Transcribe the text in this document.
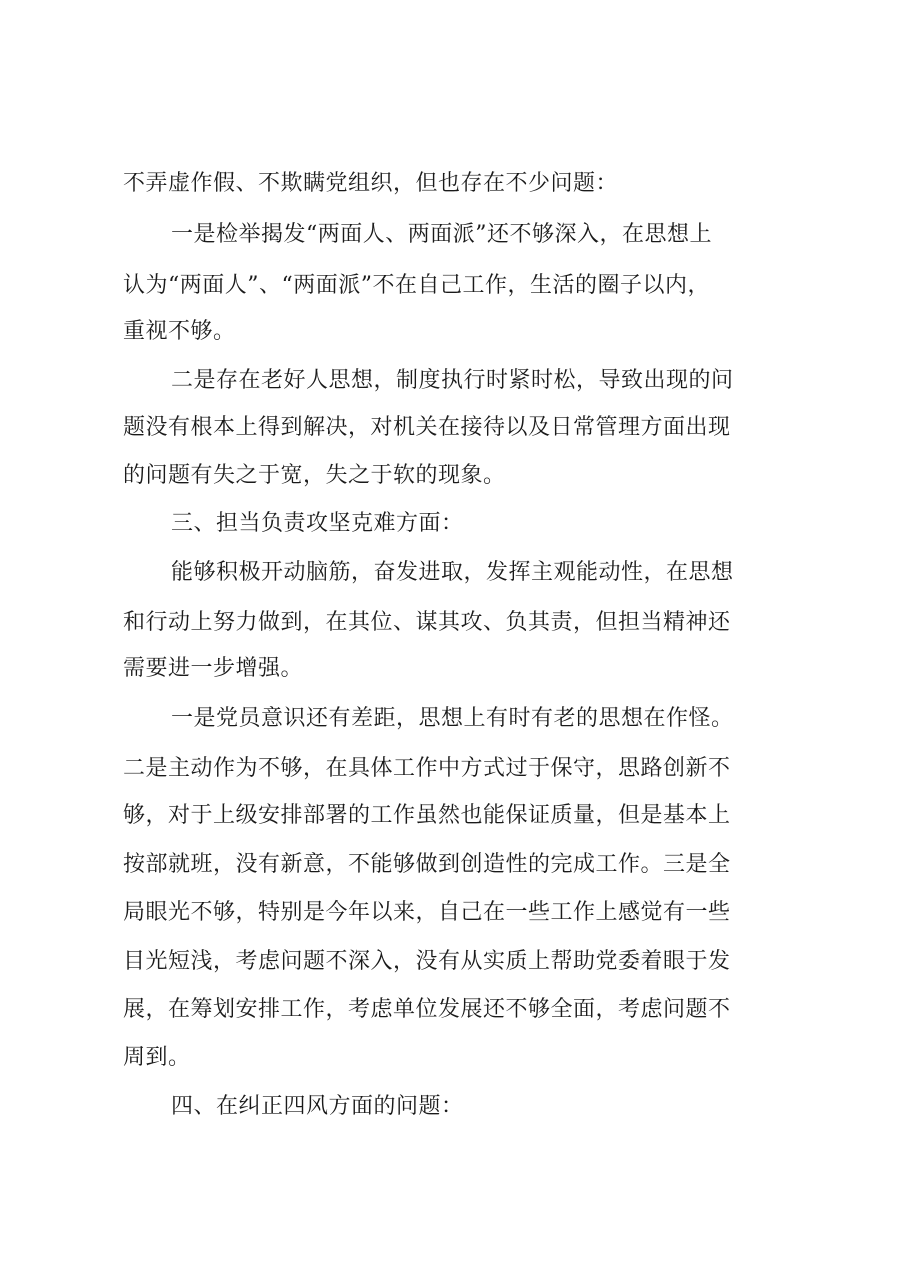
不弄虚作假、不欺瞒党组织，但也存在不少问题：
一是检举揭发“两面人、两面派”还不够深入，在思想上
认为“两面人”、“两面派”不在自己工作，生活的圈子以内，
重视不够。
二是存在老好人思想，制度执行时紧时松，导致出现的问
题没有根本上得到解决，对机关在接待以及日常管理方面出现
的问题有失之于宽，失之于软的现象。
三、担当负责攻坚克难方面：
能够积极开动脑筋，奋发进取，发挥主观能动性，在思想
和行动上努力做到，在其位、谋其攻、负其责，但担当精神还
需要进一步增强。
一是党员意识还有差距，思想上有时有老的思想在作怪。
二是主动作为不够，在具体工作中方式过于保守，思路创新不
够，对于上级安排部署的工作虽然也能保证质量，但是基本上
按部就班，没有新意，不能够做到创造性的完成工作。三是全
局眼光不够，特别是今年以来，自己在一些工作上感觉有一些
目光短浅，考虑问题不深入，没有从实质上帮助党委着眼于发
展，在筹划安排工作，考虑单位发展还不够全面，考虑问题不
周到。
四、在纠正四风方面的问题：
